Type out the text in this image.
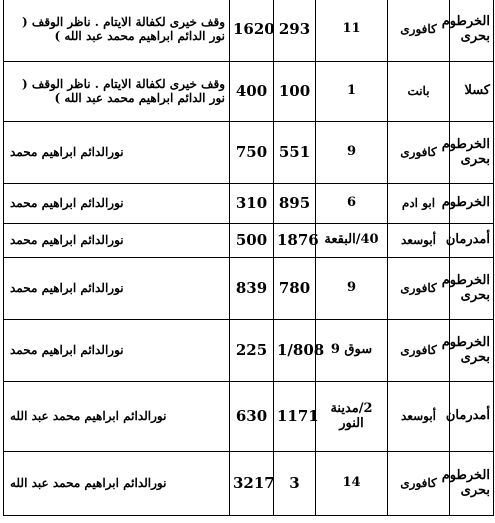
الخرطوم بحرى	كافورى	11	293	1620	وقف خيرى لكفالة الايتام . ناظر الوقف ( نور الدائم ابراهيم محمد عبد الله )
كسلا	بانت	1	100	400	وقف خيرى لكفالة الايتام . ناظر الوقف ( نور الدائم ابراهيم محمد عبد الله )
الخرطوم بحرى	كافورى	9	551	750	نورالدائم ابراهيم محمد
الخرطوم	ابو ادم	6	895	310	نورالدائم ابراهيم محمد
أمدرمان	أبوسعد	40/البقعة	1876	500	نورالدائم ابراهيم محمد
الخرطوم بحرى	كافورى	9	780	839	نورالدائم ابراهيم محمد
الخرطوم بحرى	كافورى	سوق 9	1/808	225	نورالدائم ابراهيم محمد
أمدرمان	أبوسعد	2/مدينة النور	1171	630	نورالدائم ابراهيم محمد عبد الله
الخرطوم بحرى	كافورى	14	3	3217	نورالدائم ابراهيم محمد عبد الله
